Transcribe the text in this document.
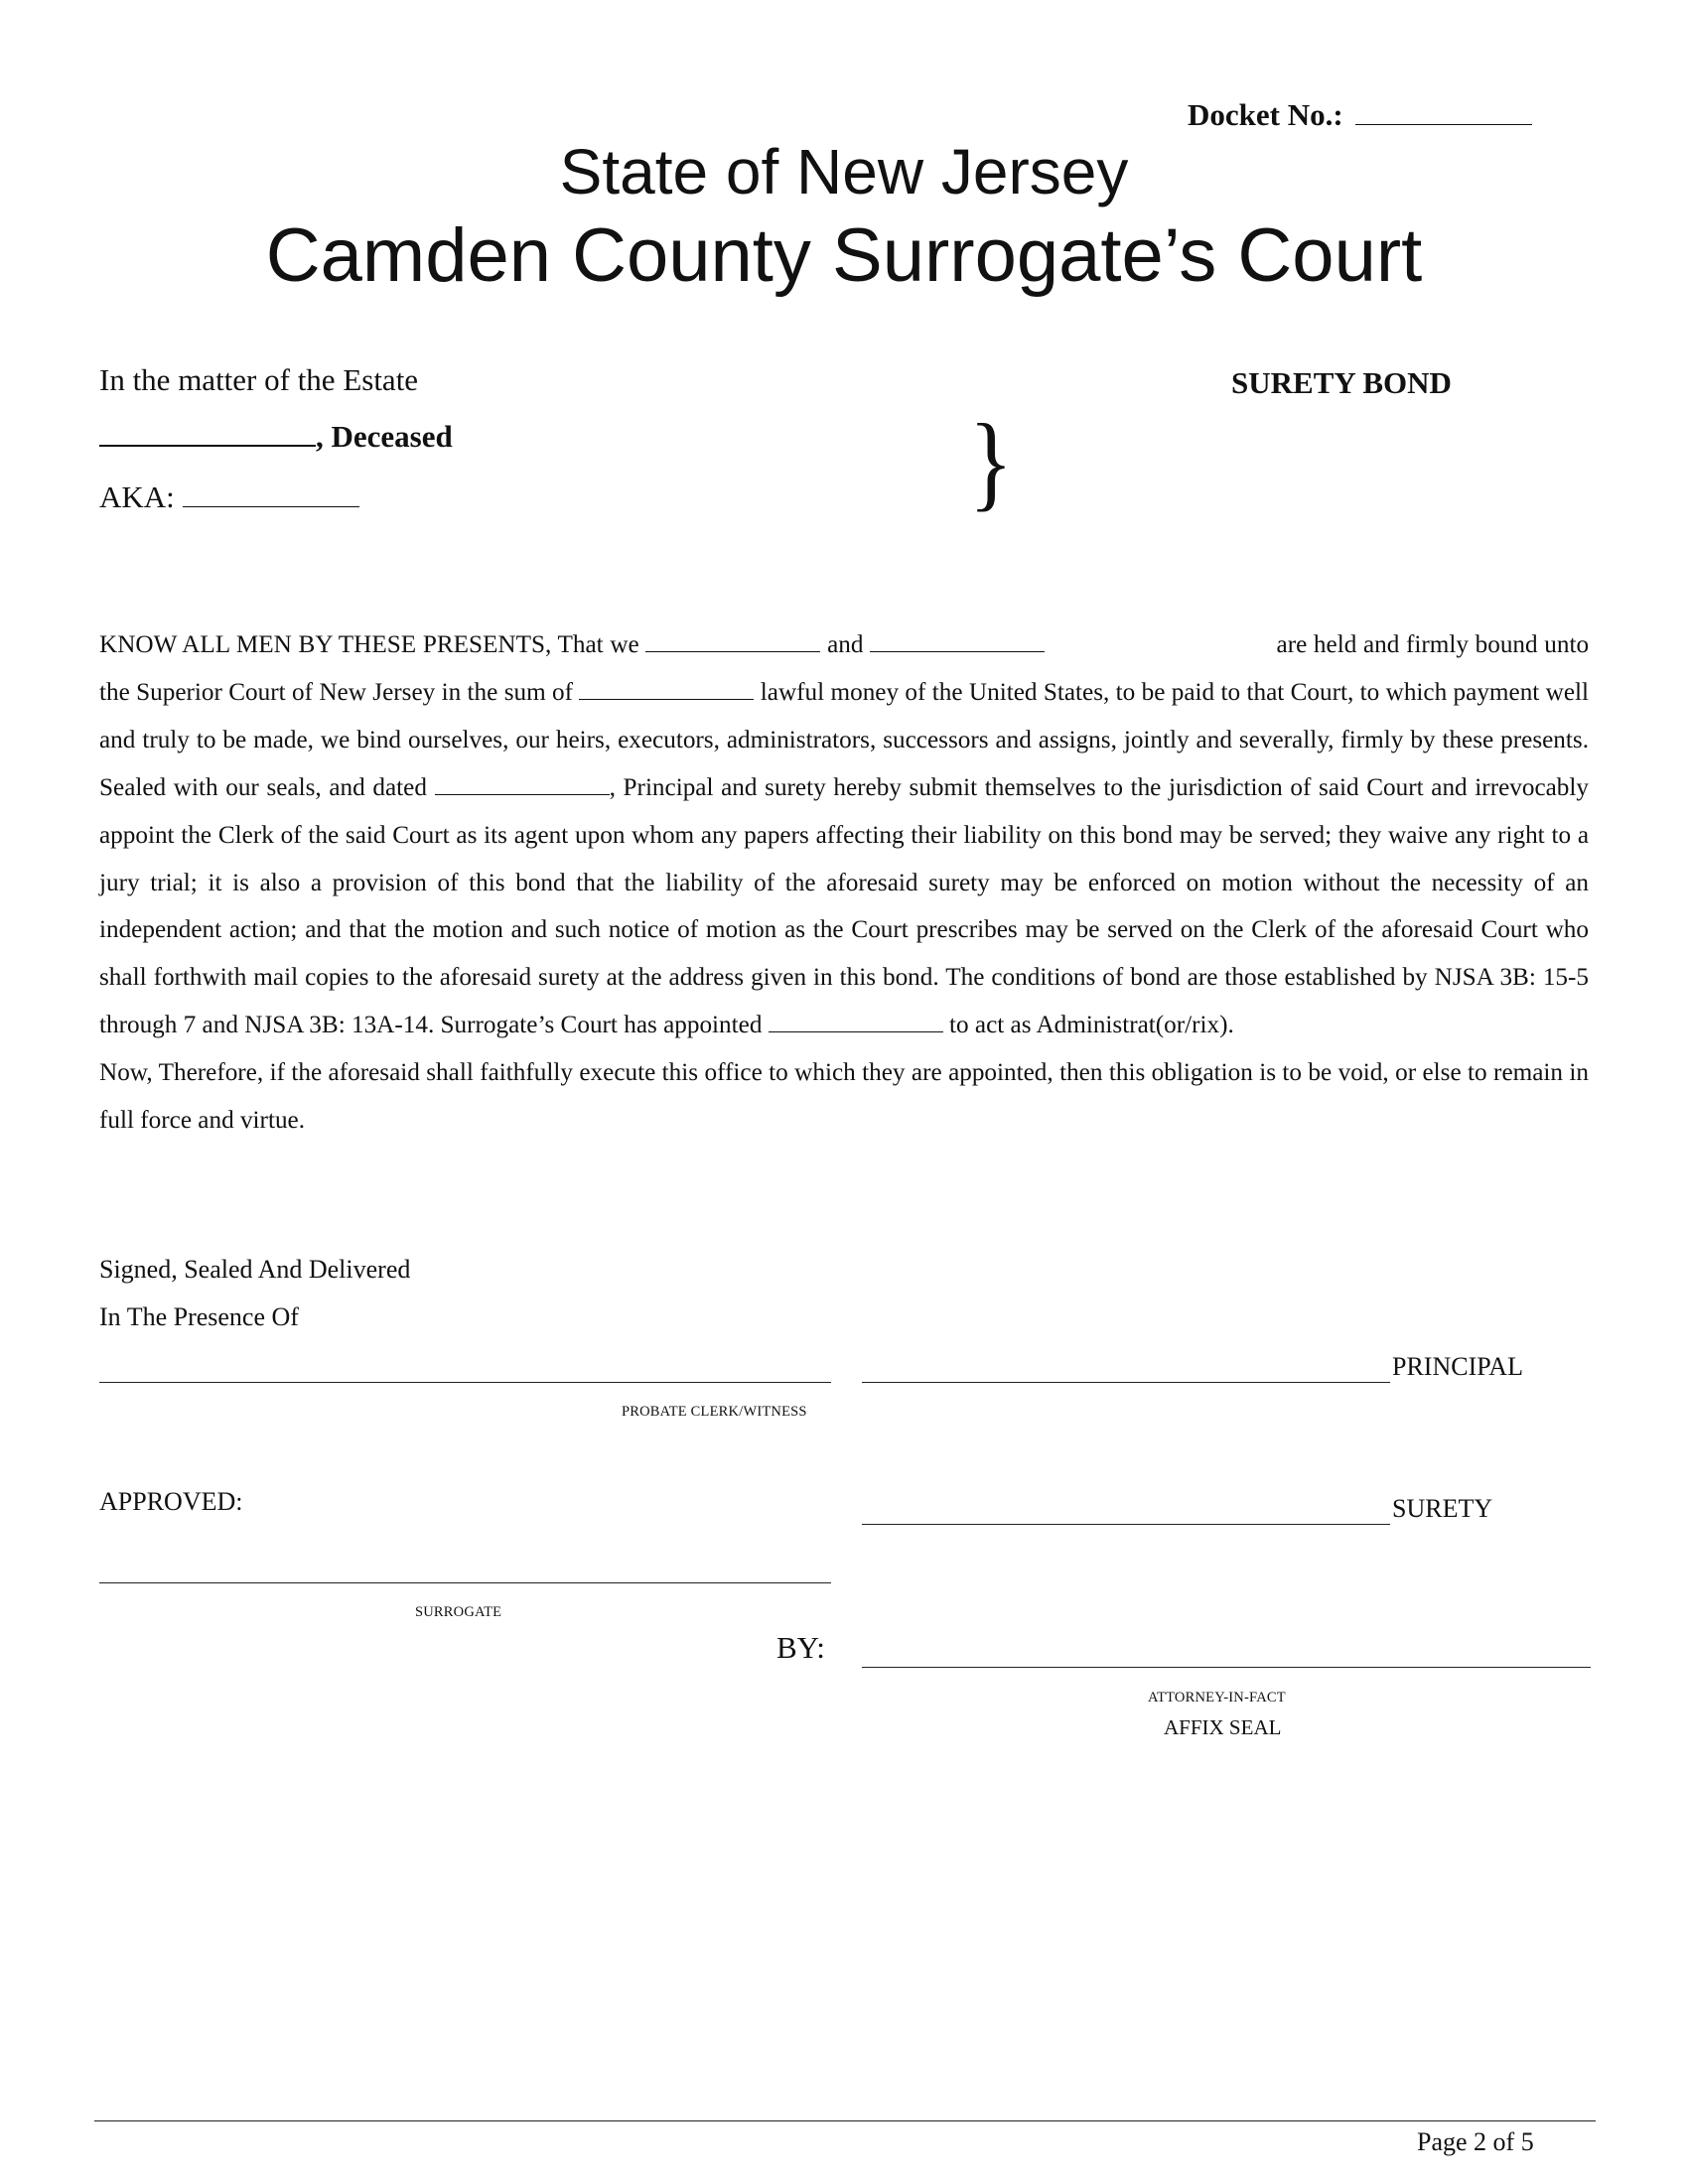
Docket No.:
State of New Jersey
Camden County Surrogate’s Court
In the matter of the Estate
, Deceased
AKA:	}
SURETY BOND

KNOW ALL MEN BY THESE PRESENTS, That we	and	are held and firmly bound unto the Superior Court of New Jersey in the sum of	lawful money of the United States, to be paid to that Court, to which payment well and truly to be made, we bind ourselves, our heirs, executors, administrators, successors and assigns, jointly and severally, firmly by these presents. Sealed with our seals, and dated	, Principal and surety hereby submit themselves to the jurisdiction of said Court and irrevocably appoint the Clerk of the said Court as its agent upon whom any papers affecting their liability on this bond may be served; they waive any right to a jury trial; it is also a provision of this bond that the liability of the aforesaid surety may be enforced on motion without the necessity of an independent action; and that the motion and such notice of motion as the Court prescribes may be served on the Clerk of the aforesaid Court who shall forthwith mail copies to the aforesaid surety at the address given in this bond. The conditions of bond are those established by NJSA 3B: 15-5 through 7 and NJSA 3B: 13A-14. Surrogate’s Court has appointed	to act as Administrat(or/rix).

Now, Therefore, if the aforesaid shall faithfully execute this office to which they are appointed, then this obligation is to be void, or else to remain in full force and virtue.

Signed, Sealed And Delivered
In The Presence Of
PROBATE CLERK/WITNESS
PRINCIPAL
APPROVED:	SURETY
SURROGATE
BY:
ATTORNEY-IN-FACT
AFFIX SEAL
Page 2 of 5
